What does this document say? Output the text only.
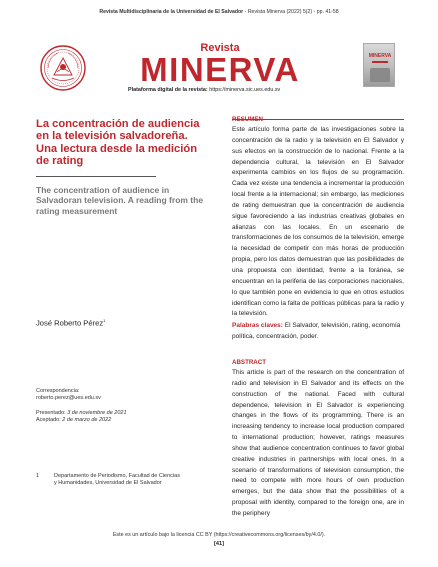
Revista Multidisciplinaria de la Universidad de El Salvador - Revista Minerva (2022) 5(2) - pp. 41-58
Revista
MINERVA
Plataforma digital de la revista: https://minerva.sic.ues.edu.sv
MINERVA
La concentración de audiencia en la televisión salvadoreña. Una lectura desde la medición de rating
The concentration of audience in Salvadoran television. A reading from the rating measurement
José Roberto Pérez$^1$
Correspondencia:
roberto.perez@ues.edu.sv
Presentado: 3 de noviembre de 2021
Aceptado: 2 de marzo de 2022
1	Departamento de Periodismo, Facultad de Ciencias y Humanidades, Universidad de El Salvador
RESUMEN
Este artículo forma parte de las investigaciones sobre la concentración de la radio y la televisión en El Salvador y sus efectos en la construcción de lo nacional. Frente a la dependencia cultural, la televisión en El Salvador experimenta cambios en los flujos de su programación. Cada vez existe una tendencia a incrementar la producción local frente a la internacional; sin embargo, las mediciones de rating demuestran que la concentración de audiencia sigue favoreciendo a las industrias creativas globales en alianzas con las locales. En un escenario de transformaciones de los consumos de la televisión, emerge la necesidad de competir con más horas de producción propia, pero los datos demuestran que las posibilidades de una propuesta con identidad, frente a la foránea, se encuentran en la periferia de las corporaciones nacionales, lo que también pone en evidencia lo que en otros estudios identifican como la falta de políticas públicas para la radio y la televisión.
Palabras claves: El Salvador, televisión, rating, economía política, concentración, poder.
ABSTRACT
This article is part of the research on the concentration of radio and television in El Salvador and its effects on the construction of the national. Faced with cultural dependence, television in El Salvador is experiencing changes in the flows of its programming. There is an increasing tendency to increase local production compared to international production; however, ratings measures show that audience concentration continues to favor global creative industries in partnerships with local ones. In a scenario of transformations of television consumption, the need to compete with more hours of own production emerges, but the data show that the possibilities of a proposal with identity, compared to the foreign one, are in the periphery
Este es un artículo bajo la licencia CC BY (https://creativecommons.org/licenses/by/4.0/).
[41]
